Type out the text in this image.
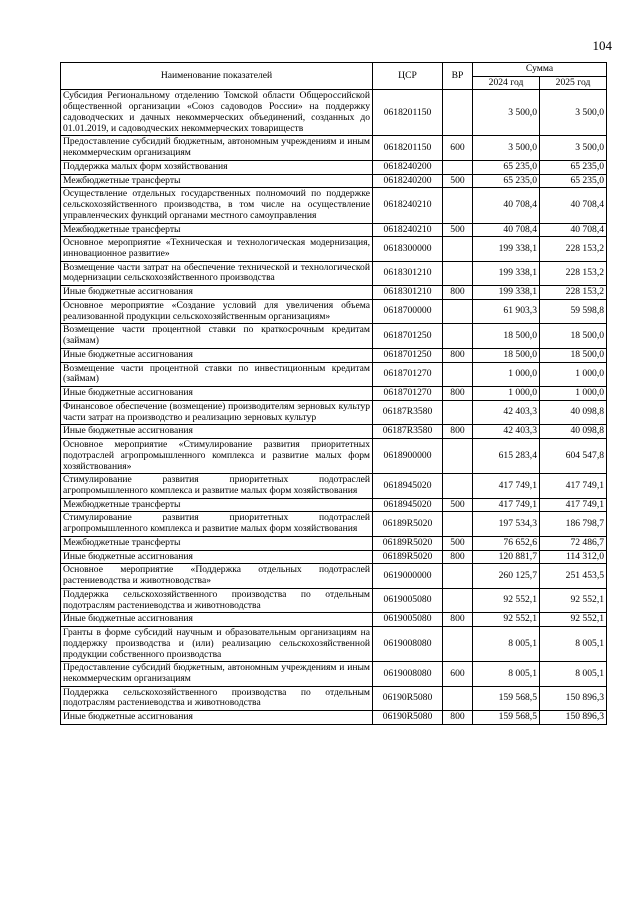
104
Наименование показателей	ЦСР	ВР	Сумма	
			2024 год	2025 год
Субсидия Региональному отделению Томской области Общероссийской общественной организации «Союз садоводов России» на поддержку садоводческих и дачных некоммерческих объединений, созданных до 01.01.2019, и садоводческих некоммерческих товариществ	0618201150		3 500,0	3 500,0
Предоставление субсидий бюджетным, автономным учреждениям и иным некоммерческим организациям	0618201150	600	3 500,0	3 500,0
Поддержка малых форм хозяйствования	0618240200		65 235,0	65 235,0
Межбюджетные трансферты	0618240200	500	65 235,0	65 235,0
Осуществление отдельных государственных полномочий по поддержке сельскохозяйственного производства, в том числе на осуществление управленческих функций органами местного самоуправления	0618240210		40 708,4	40 708,4
Межбюджетные трансферты	0618240210	500	40 708,4	40 708,4
Основное мероприятие «Техническая и технологическая модернизация, инновационное развитие»	0618300000		199 338,1	228 153,2
Возмещение части затрат на обеспечение технической и технологической модернизации сельскохозяйственного производства	0618301210		199 338,1	228 153,2
Иные бюджетные ассигнования	0618301210	800	199 338,1	228 153,2
Основное мероприятие «Создание условий для увеличения объема реализованной продукции сельскохозяйственным организациям»	0618700000		61 903,3	59 598,8
Возмещение части процентной ставки по краткосрочным кредитам (займам)	0618701250		18 500,0	18 500,0
Иные бюджетные ассигнования	0618701250	800	18 500,0	18 500,0
Возмещение части процентной ставки по инвестиционным кредитам (займам)	0618701270		1 000,0	1 000,0
Иные бюджетные ассигнования	0618701270	800	1 000,0	1 000,0
Финансовое обеспечение (возмещение) производителям зерновых культур части затрат на производство и реализацию зерновых культур	06187R3580		42 403,3	40 098,8
Иные бюджетные ассигнования	06187R3580	800	42 403,3	40 098,8
Основное мероприятие «Стимулирование развития приоритетных подотраслей агропромышленного комплекса и развитие малых форм хозяйствования»	0618900000		615 283,4	604 547,8
Стимулирование развития приоритетных подотраслей агропромышленного комплекса и развитие малых форм хозяйствования	0618945020		417 749,1	417 749,1
Межбюджетные трансферты	0618945020	500	417 749,1	417 749,1
Стимулирование развития приоритетных подотраслей агропромышленного комплекса и развитие малых форм хозяйствования	06189R5020		197 534,3	186 798,7
Межбюджетные трансферты	06189R5020	500	76 652,6	72 486,7
Иные бюджетные ассигнования	06189R5020	800	120 881,7	114 312,0
Основное мероприятие «Поддержка отдельных подотраслей растениеводства и животноводства»	0619000000		260 125,7	251 453,5
Поддержка сельскохозяйственного производства по отдельным подотраслям растениеводства и животноводства	0619005080		92 552,1	92 552,1
Иные бюджетные ассигнования	0619005080	800	92 552,1	92 552,1
Гранты в форме субсидий научным и образовательным организациям на поддержку производства и (или) реализацию сельскохозяйственной продукции собственного производства	0619008080		8 005,1	8 005,1
Предоставление субсидий бюджетным, автономным учреждениям и иным некоммерческим организациям	0619008080	600	8 005,1	8 005,1
Поддержка сельскохозяйственного производства по отдельным подотраслям растениеводства и животноводства	06190R5080		159 568,5	150 896,3
Иные бюджетные ассигнования	06190R5080	800	159 568,5	150 896,3
